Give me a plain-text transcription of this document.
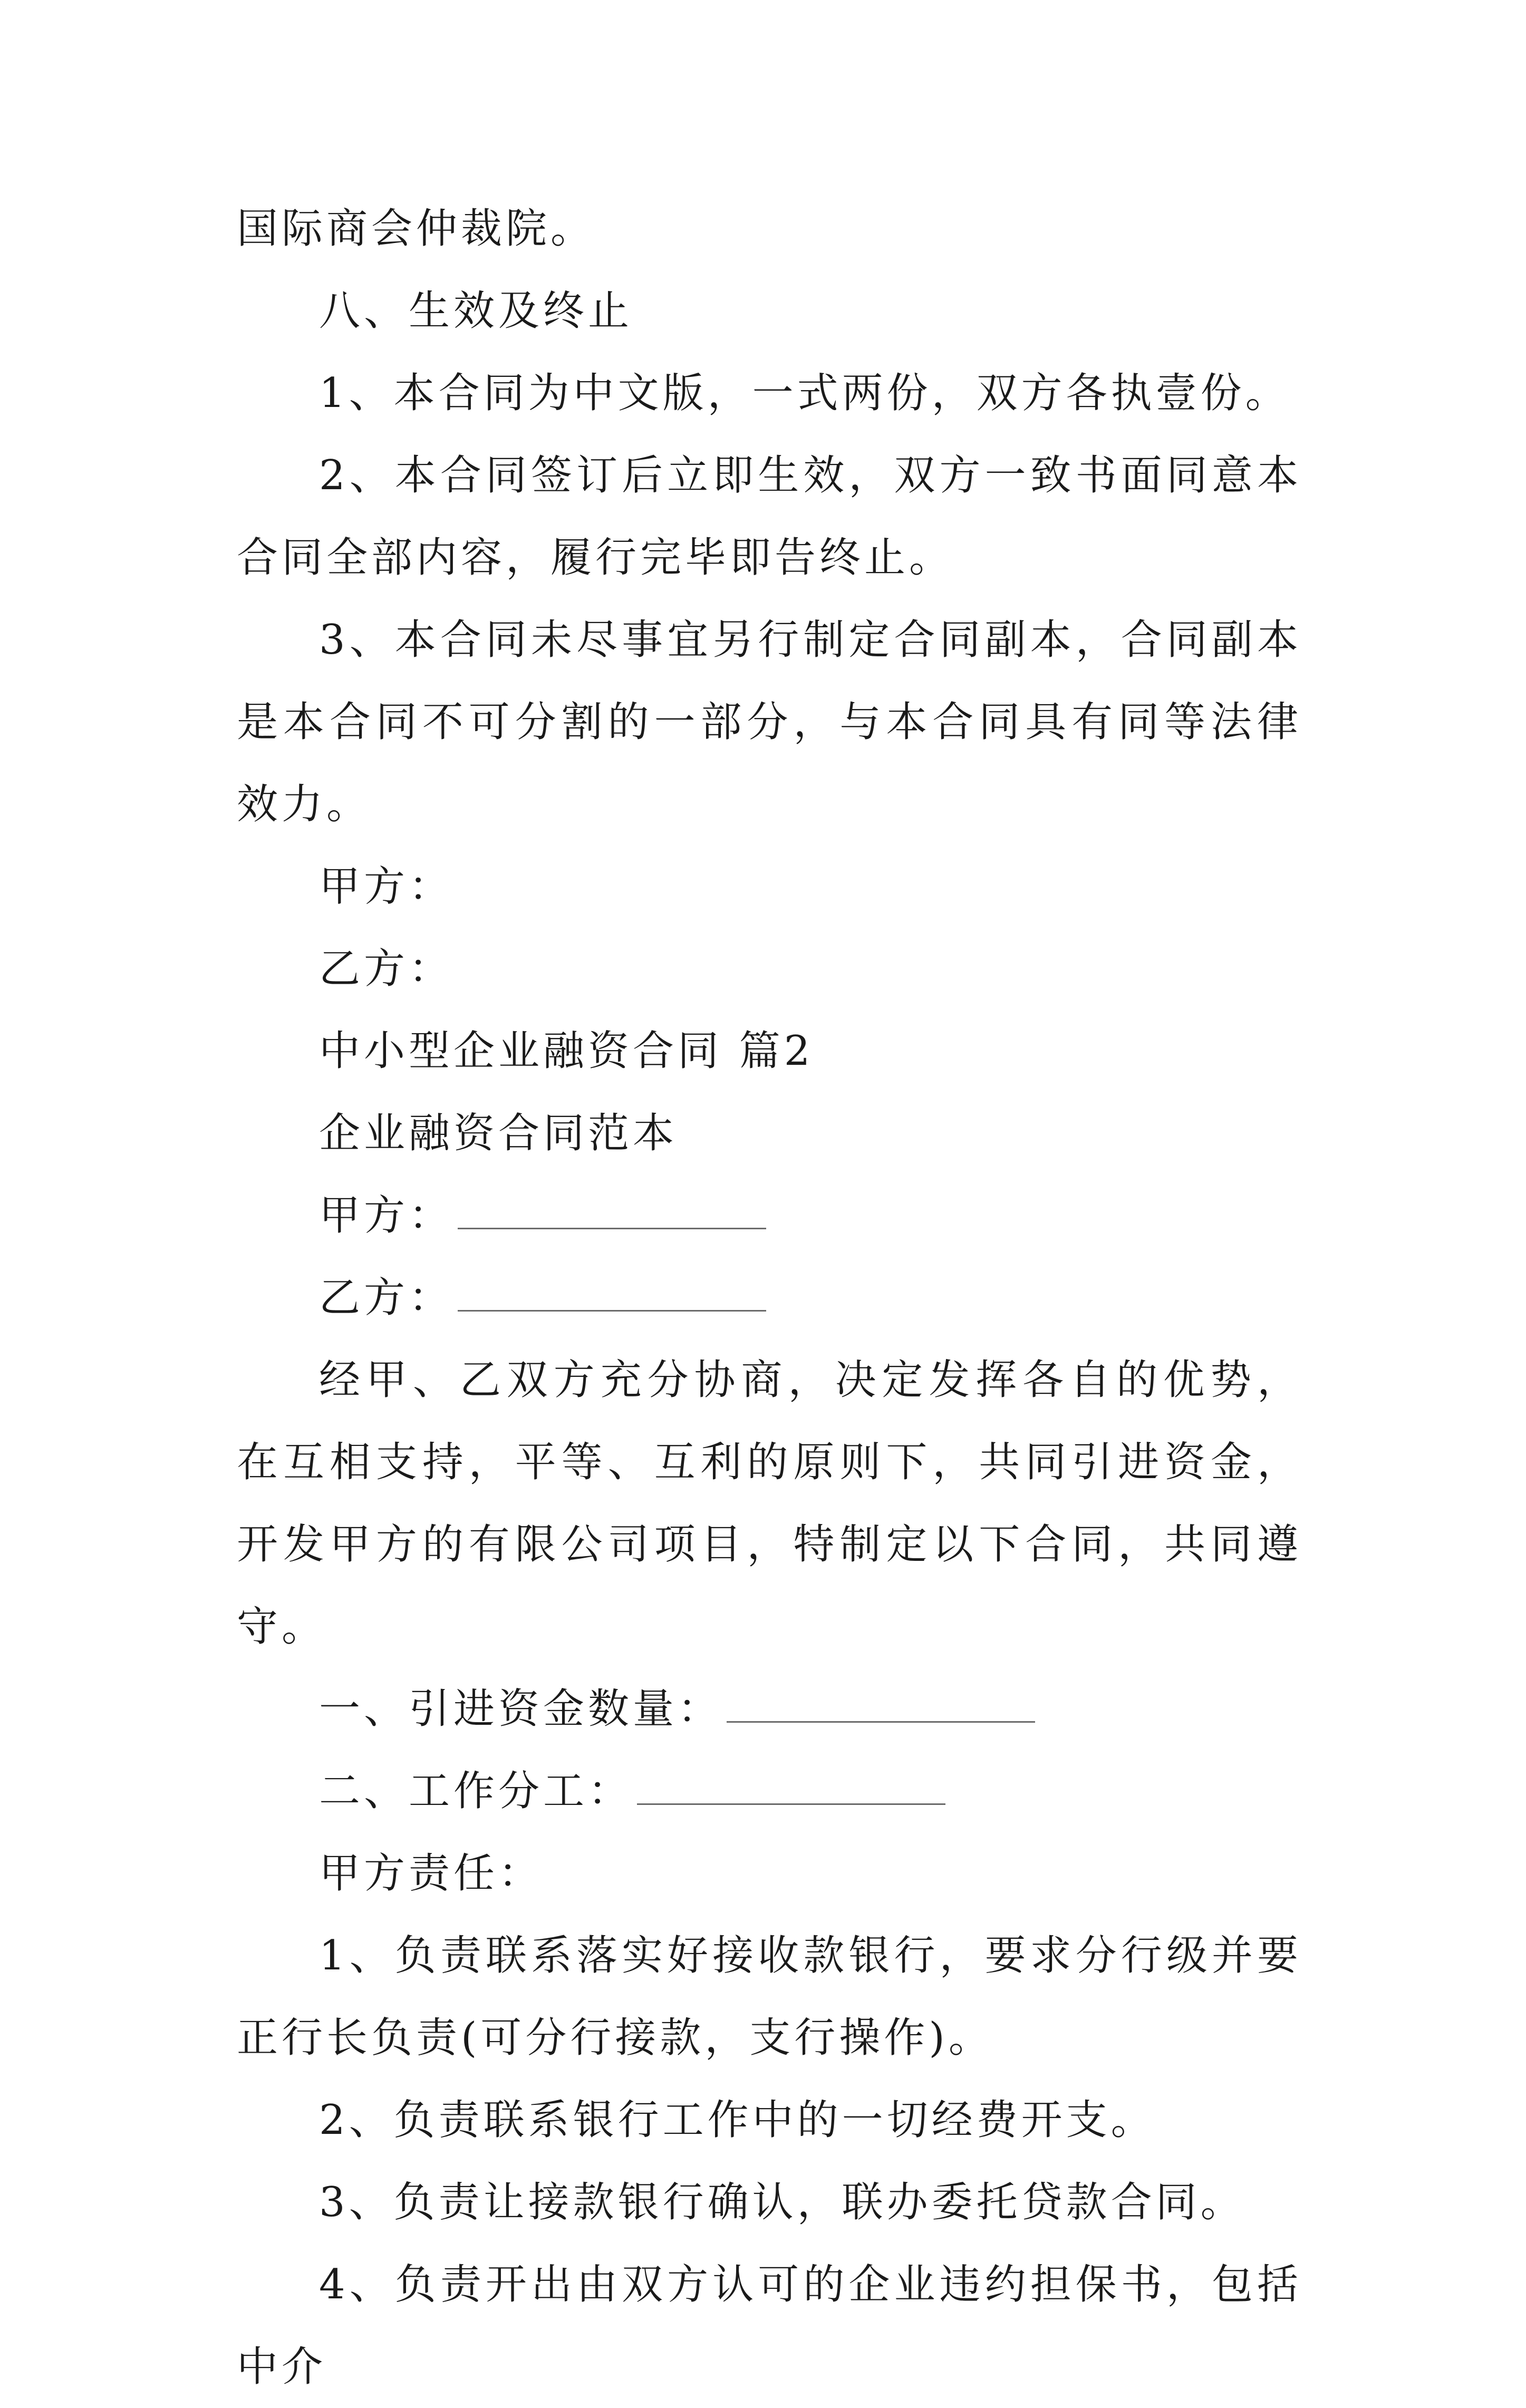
国际商会仲裁院。

八、生效及终止

1、本合同为中文版，一式两份，双方各执壹份。

2、本合同签订后立即生效，双方一致书面同意本合同全部内容，履行完毕即告终止。

3、本合同未尽事宜另行制定合同副本，合同副本是本合同不可分割的一部分，与本合同具有同等法律效力。

甲方：

乙方：

中小型企业融资合同 篇2

企业融资合同范本

甲方：

乙方：

经甲、乙双方充分协商，决定发挥各自的优势，在互相支持，平等、互利的原则下，共同引进资金，开发甲方的有限公司项目，特制定以下合同，共同遵守。

一、引进资金数量：

二、工作分工：

甲方责任：

1、负责联系落实好接收款银行，要求分行级并要正行长负责(可分行接款，支行操作)。

2、负责联系银行工作中的一切经费开支。

3、负责让接款银行确认，联办委托贷款合同。

4、负责开出由双方认可的企业违约担保书，包括中介
